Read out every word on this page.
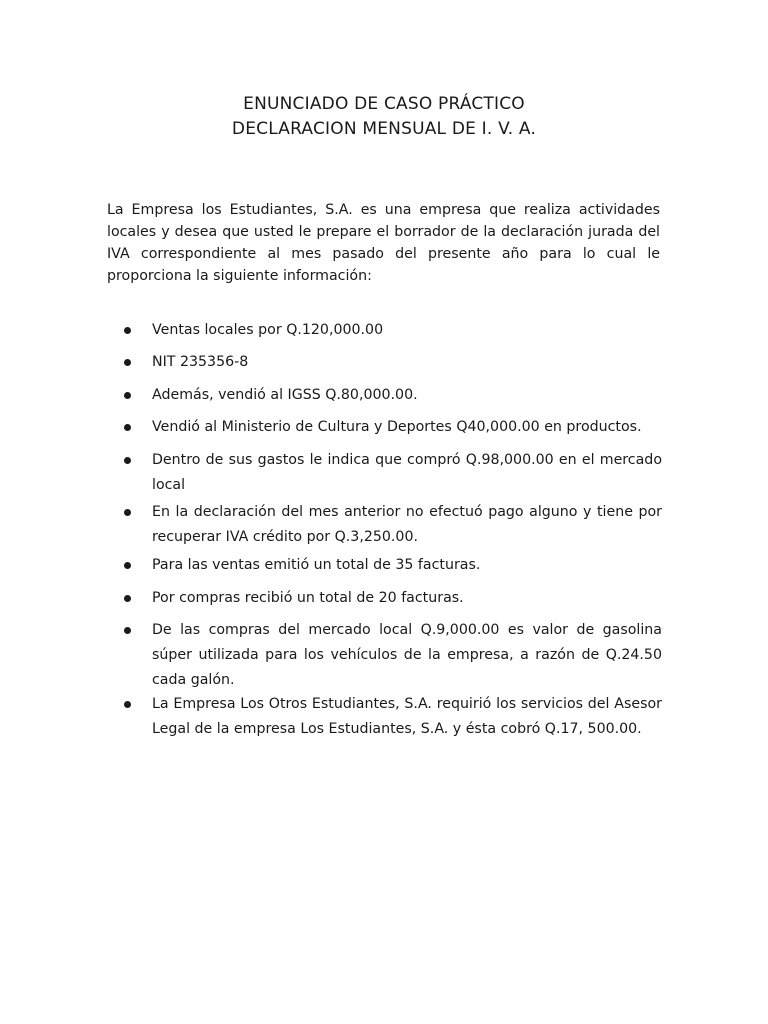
ENUNCIADO DE CASO PRÁCTICO
DECLARACION MENSUAL DE I. V. A.

La Empresa los Estudiantes, S.A. es una empresa que realiza actividades locales y desea que usted le prepare el borrador de la declaración jurada del IVA correspondiente al mes pasado del presente año para lo cual le proporciona la siguiente información:

Ventas locales por Q.120,000.00
NIT 235356-8
Además, vendió al IGSS Q.80,000.00.
Vendió al Ministerio de Cultura y Deportes Q40,000.00 en productos.
Dentro de sus gastos le indica que compró Q.98,000.00 en el mercado local
En la declaración del mes anterior no efectuó pago alguno y tiene por recuperar IVA crédito por Q.3,250.00.
Para las ventas emitió un total de 35 facturas.
Por compras recibió un total de 20 facturas.
De las compras del mercado local Q.9,000.00 es valor de gasolina súper utilizada para los vehículos de la empresa, a razón de Q.24.50 cada galón.
La Empresa Los Otros Estudiantes, S.A. requirió los servicios del Asesor Legal de la empresa Los Estudiantes, S.A. y ésta cobró Q.17, 500.00.
